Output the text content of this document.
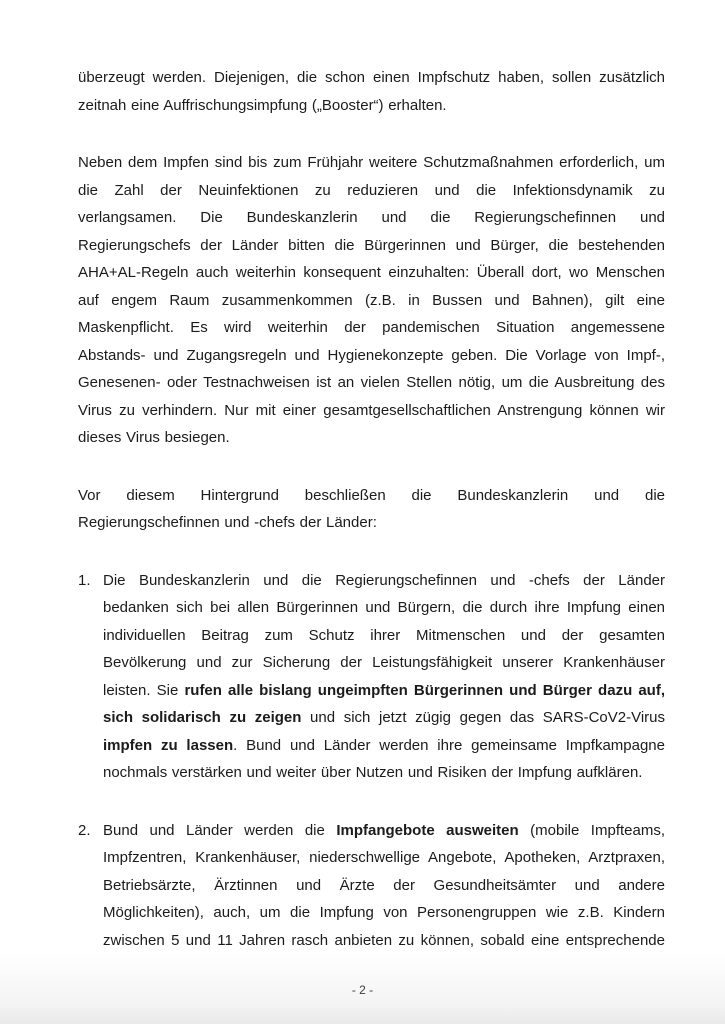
überzeugt werden. Diejenigen, die schon einen Impfschutz haben, sollen zusätzlich
zeitnah eine Auffrischungsimpfung („Booster“) erhalten.
Neben dem Impfen sind bis zum Frühjahr weitere Schutzmaßnahmen erforderlich, um
die Zahl der Neuinfektionen zu reduzieren und die Infektionsdynamik zu
verlangsamen. Die Bundeskanzlerin und die Regierungschefinnen und
Regierungschefs der Länder bitten die Bürgerinnen und Bürger, die bestehenden
AHA+AL-Regeln auch weiterhin konsequent einzuhalten: Überall dort, wo Menschen
auf engem Raum zusammenkommen (z.B. in Bussen und Bahnen), gilt eine
Maskenpflicht. Es wird weiterhin der pandemischen Situation angemessene
Abstands- und Zugangsregeln und Hygienekonzepte geben. Die Vorlage von Impf-,
Genesenen- oder Testnachweisen ist an vielen Stellen nötig, um die Ausbreitung des
Virus zu verhindern. Nur mit einer gesamtgesellschaftlichen Anstrengung können wir
dieses Virus besiegen.
Vor diesem Hintergrund beschließen die Bundeskanzlerin und die
Regierungschefinnen und -chefs der Länder:
1. Die Bundeskanzlerin und die Regierungschefinnen und -chefs der Länder
bedanken sich bei allen Bürgerinnen und Bürgern, die durch ihre Impfung einen
individuellen Beitrag zum Schutz ihrer Mitmenschen und der gesamten
Bevölkerung und zur Sicherung der Leistungsfähigkeit unserer Krankenhäuser
leisten. Sie rufen alle bislang ungeimpften Bürgerinnen und Bürger dazu auf,
sich solidarisch zu zeigen und sich jetzt zügig gegen das SARS-CoV2-Virus
impfen zu lassen. Bund und Länder werden ihre gemeinsame Impfkampagne
nochmals verstärken und weiter über Nutzen und Risiken der Impfung aufklären.
2. Bund und Länder werden die Impfangebote ausweiten (mobile Impfteams,
Impfzentren, Krankenhäuser, niederschwellige Angebote, Apotheken, Arztpraxen,
Betriebsärzte, Ärztinnen und Ärzte der Gesundheitsämter und andere
Möglichkeiten), auch, um die Impfung von Personengruppen wie z.B. Kindern
zwischen 5 und 11 Jahren rasch anbieten zu können, sobald eine entsprechende
- 2 -
